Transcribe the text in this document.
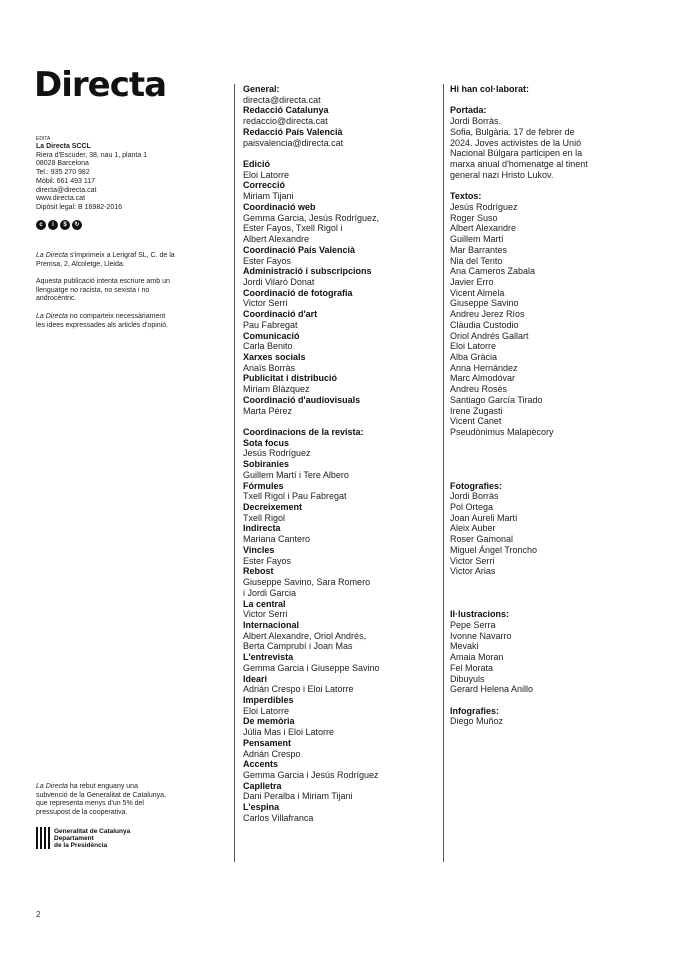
Directa
EDITA
La Directa SCCL
Riera d'Escuder, 38, nau 1, planta 1
08028 Barcelona
Tel.: 935 270 982
Mòbil: 661 493 117
directa@directa.cat
www.directa.cat
Dipòsit legal: B 16982-2016
c	i	$	↻
La Directa s'imprimeix a Lerigraf SL, C. de la Premsa, 2, Alcoletge, Lleida.
Aquesta publicació intenta escriure amb un llenguatge no racista, no sexista i no androcèntric.
La Directa no comparteix necessàriament les idees expressades als articles d'opinió.
La Directa ha rebut enguany una subvenció de la Generalitat de Catalunya, que representa menys d'un 5% del pressupost de la cooperativa.
Generalitat de Catalunya
Departament
de la Presidència
2
General:
directa@directa.cat
Redacció Catalunya
redaccio@directa.cat
Redacció País Valencià
paisvalencia@directa.cat
Edició
Eloi Latorre
Correcció
Miriam Tijani
Coordinació web
Gemma Garcia, Jesús Rodríguez,
Ester Fayos, Txell Rigol i
Albert Alexandre
Coordinació País Valencià
Ester Fayos
Administració i subscripcions
Jordi Vilaró Donat
Coordinació de fotografia
Victor Serri
Coordinació d'art
Pau Fabregat
Comunicació
Carla Benito
Xarxes socials
Anaïs Borràs
Publicitat i distribució
Miriam Blàzquez
Coordinació d'audiovisuals
Marta Pérez
Coordinacions de la revista:
Sota focus
Jesús Rodríguez
Sobiranies
Guillem Martí i Tere Albero
Fórmules
Txell Rigol i Pau Fabregat
Decreixement
Txell Rigol
Indirecta
Mariana Cantero
Vincles
Ester Fayos
Rebost
Giuseppe Savino, Sara Romero
i Jordi Garcia
La central
Victor Serri
Internacional
Albert Alexandre, Oriol Andrés,
Berta Camprubí i Joan Mas
L'entrevista
Gemma Garcia i Giuseppe Savino
Ideari
Adrián Crespo i Eloi Latorre
Imperdibles
Eloi Latorre
De memòria
Júlia Mas i Eloi Latorre
Pensament
Adrián Crespo
Accents
Gemma Garcia i Jesús Rodríguez
Caplletra
Dani Peralba i Miriam Tijani
L'espina
Carlos Villafranca
Hi han col·laborat:
Portada:
Jordi Borràs.
Sofia, Bulgària. 17 de febrer de
2024. Joves activistes de la Unió
Nacional Búlgara participen en la
marxa anual d'homenatge al tinent
general nazi Hristo Lukov.
Textos:
Jesús Rodríguez
Roger Suso
Albert Alexandre
Guillem Martí
Mar Barrantes
Nia del Tento
Ana Cameros Zabala
Javier Erro
Vicent Almela
Giuseppe Savino
Andreu Jerez Ríos
Clàudia Custodio
Oriol Andrés Gallart
Eloi Latorre
Alba Gràcia
Anna Hernández
Marc Almodóvar
Andreu Rosés
Santiago García Tirado
Irene Zugasti
Vicent Canet
Pseudònimus Malapècory
Fotografies:
Jordi Borràs
Pol Ortega
Joan Aureli Martí
Aleix Auber
Roser Gamonal
Miguel Ángel Troncho
Victor Serri
Victor Arias
Il·lustracions:
Pepe Serra
Ivonne Navarro
Mevaki
Amaia Moran
Fel Morata
Dibuyuls
Gerard Helena Anillo
Infografies:
Diego Muñoz
